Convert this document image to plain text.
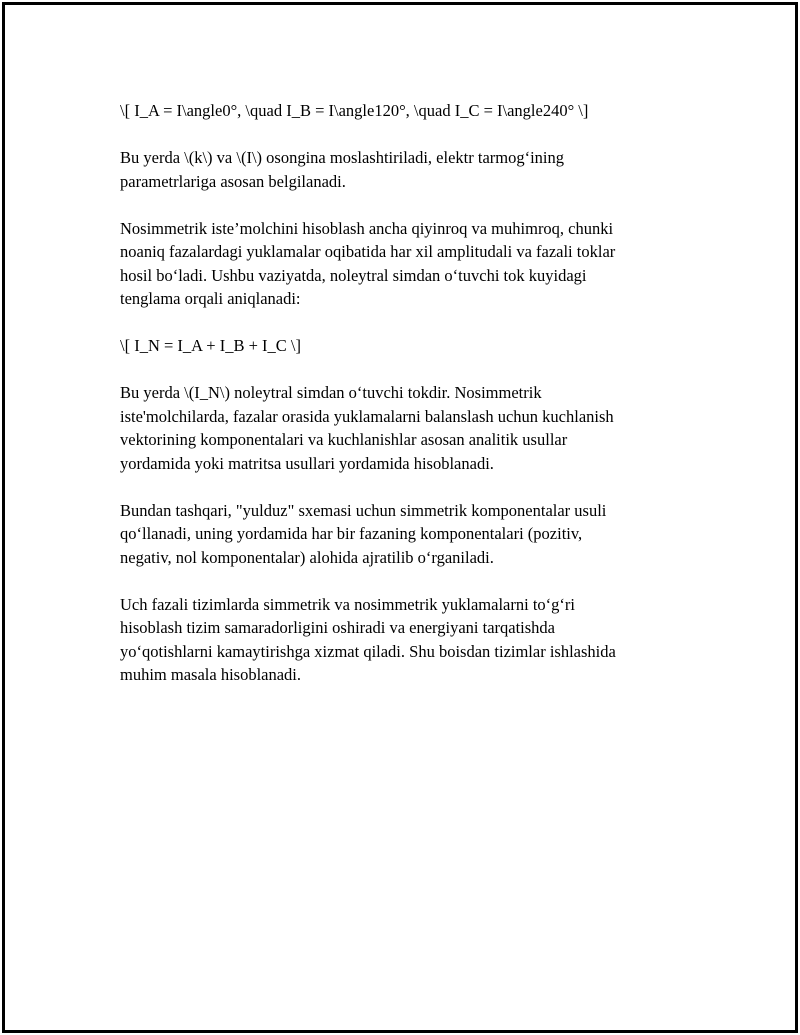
\[ I_A = I\angle0°, \quad I_B = I\angle120°, \quad I_C = I\angle240° \]

Bu yerda \(k\) va \(I\) osongina moslashtiriladi, elektr tarmog‘ining
parametrlariga asosan belgilanadi.

Nosimmetrik iste’molchini hisoblash ancha qiyinroq va muhimroq, chunki
noaniq fazalardagi yuklamalar oqibatida har xil amplitudali va fazali toklar
hosil bo‘ladi. Ushbu vaziyatda, noleytral simdan o‘tuvchi tok kuyidagi
tenglama orqali aniqlanadi:

\[ I_N = I_A + I_B + I_C \]

Bu yerda \(I_N\) noleytral simdan o‘tuvchi tokdir. Nosimmetrik
iste'molchilarda, fazalar orasida yuklamalarni balanslash uchun kuchlanish
vektorining komponentalari va kuchlanishlar asosan analitik usullar
yordamida yoki matritsa usullari yordamida hisoblanadi.

Bundan tashqari, "yulduz" sxemasi uchun simmetrik komponentalar usuli
qo‘llanadi, uning yordamida har bir fazaning komponentalari (pozitiv,
negativ, nol komponentalar) alohida ajratilib o‘rganiladi.

Uch fazali tizimlarda simmetrik va nosimmetrik yuklamalarni to‘g‘ri
hisoblash tizim samaradorligini oshiradi va energiyani tarqatishda
yo‘qotishlarni kamaytirishga xizmat qiladi. Shu boisdan tizimlar ishlashida
muhim masala hisoblanadi.
